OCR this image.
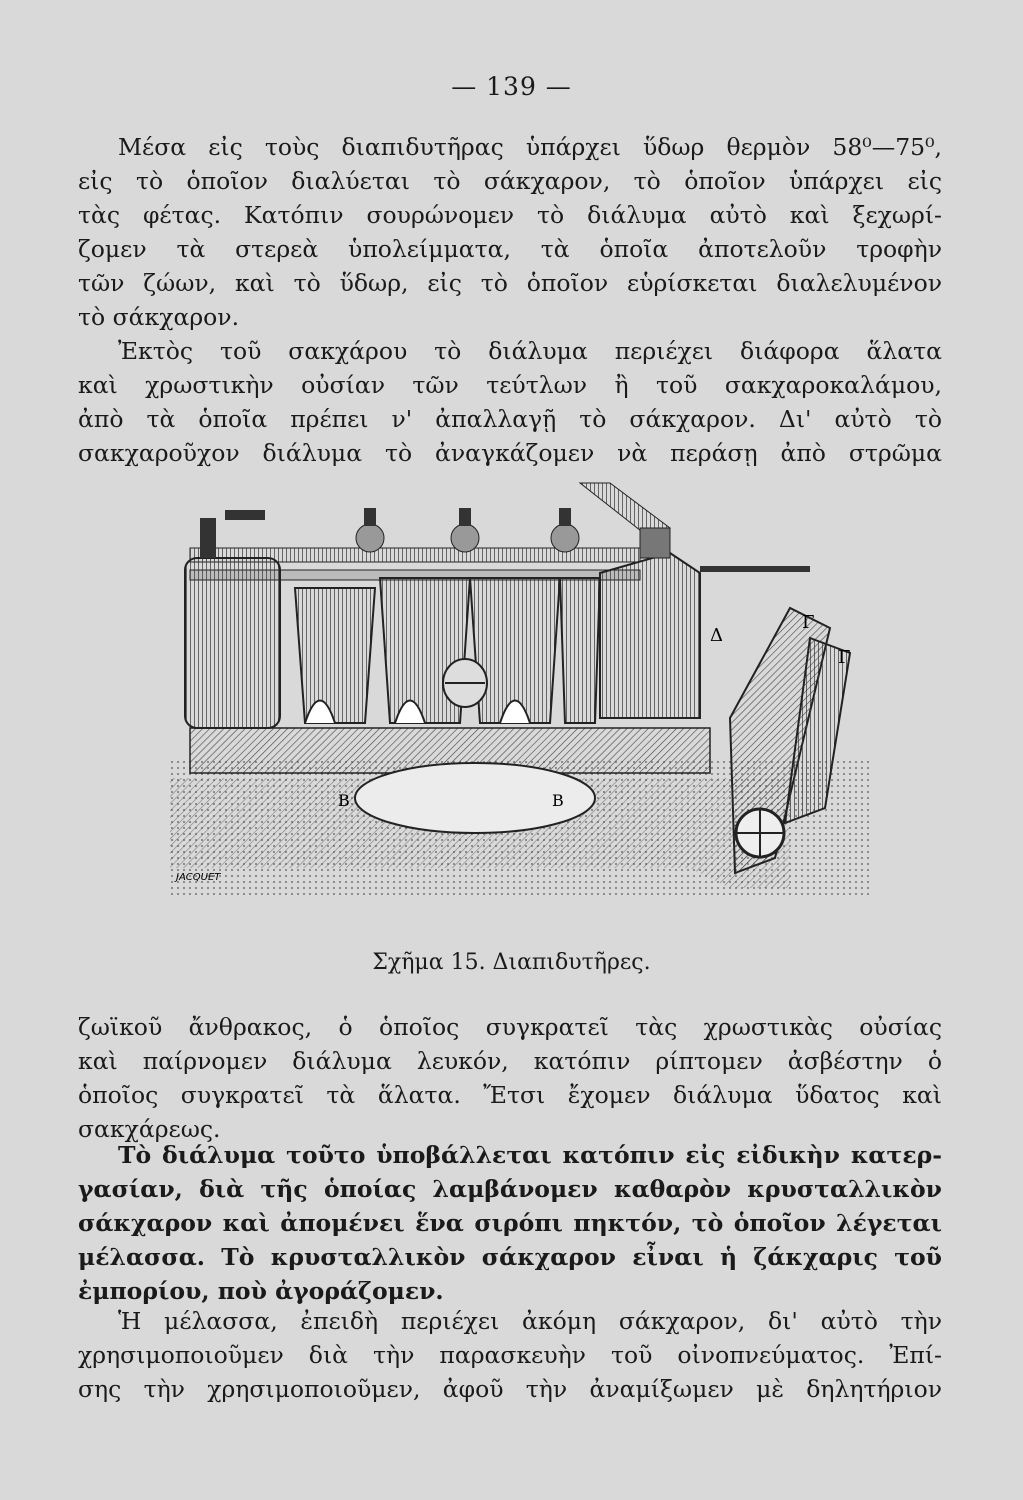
— 139 —
Μέσα εἰς τοὺς διαπιδυτῆρας ὑπάρχει ὕδωρ θερμὸν 58⁰—75⁰,
εἰς τὸ ὁποῖον διαλύεται τὸ σάκχαρον, τὸ ὁποῖον ὑπάρχει εἰς
τὰς φέτας. Κατόπιν σουρώνομεν τὸ διάλυμα αὐτὸ καὶ ξεχωρί-
ζομεν τὰ στερεὰ ὑπολείμματα, τὰ ὁποῖα ἀποτελοῦν τροφὴν
τῶν ζώων, καὶ τὸ ὕδωρ, εἰς τὸ ὁποῖον εὑρίσκεται διαλελυμένον
τὸ σάκχαρον.
Ἐκτὸς τοῦ σακχάρου τὸ διάλυμα περιέχει διάφορα ἅλατα
καὶ χρωστικὴν οὐσίαν τῶν τεύτλων ἢ τοῦ σακχαροκαλάμου,
ἀπὸ τὰ ὁποῖα πρέπει ν' ἀπαλλαγῇ τὸ σάκχαρον. Δι' αὐτὸ τὸ
σακχαροῦχον διάλυμα τὸ ἀναγκάζομεν νὰ περάσῃ ἀπὸ στρῶμα
Δ
Γ
Γ
Β	Β
JACQUET
Σχῆμα 15. Διαπιδυτῆρες.
ζωϊκοῦ ἄνθρακος, ὁ ὁποῖος συγκρατεῖ τὰς χρωστικὰς οὐσίας
καὶ παίρνομεν διάλυμα λευκόν, κατόπιν ρίπτομεν ἀσβέστην ὁ
ὁποῖος συγκρατεῖ τὰ ἅλατα. Ἔτσι ἔχομεν διάλυμα ὕδατος καὶ
σακχάρεως.
Τὸ διάλυμα τοῦτο ὑποβάλλεται κατόπιν εἰς εἰδικὴν κατερ-
γασίαν, διὰ τῆς ὁποίας λαμβάνομεν καθαρὸν κρυσταλλικὸν
σάκχαρον καὶ ἀπομένει ἕνα σιρόπι πηκτόν, τὸ ὁποῖον λέγεται
μέλασσα. Τὸ κρυσταλλικὸν σάκχαρον εἶναι ἡ ζάκχαρις τοῦ
ἐμπορίου, ποὺ ἀγοράζομεν.
Ἡ μέλασσα, ἐπειδὴ περιέχει ἀκόμη σάκχαρον, δι' αὐτὸ τὴν
χρησιμοποιοῦμεν διὰ τὴν παρασκευὴν τοῦ οἰνοπνεύματος. Ἐπί-
σης τὴν χρησιμοποιοῦμεν, ἀφοῦ τὴν ἀναμίξωμεν μὲ δηλητήριον
